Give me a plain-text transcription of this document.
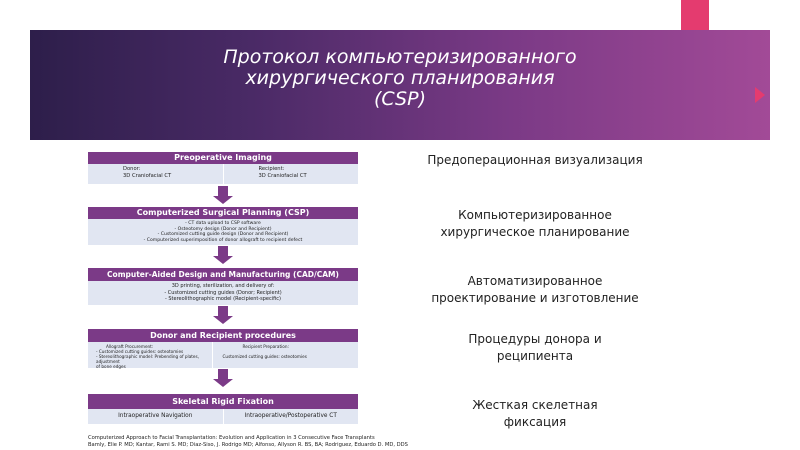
Протокол компьютеризированного
хирургического планирования
(CSP)
Preoperative Imaging
Donor:
3D Craniofacial CT
Recipient:
3D Craniofacial CT
Computerized Surgical Planning (CSP)
- CT data upload to CSP software
- Osteotomy design (Donor and Recipient)
- Customized cutting guide design (Donor and Recipient)
- Computerized superimposition of donor allograft to recipient defect
Computer-Aided Design and Manufacturing (CAD/CAM)
3D printing, sterilization, and delivery of:
- Customized cutting guides (Donor; Recipient)
- Stereolithographic model (Recipient-specific)
Donor and Recipient procedures
Allograft Procurement:
- Customized cutting guides: osteotomies
- Stereolithographic model: Prebending of plates, adjustment
of bone edges
Recipient Preparation:
Customized cutting guides: osteotomies
Skeletal Rigid Fixation
Intraoperative Navigation	Intraoperative/Postoperative CT
Предоперационная визуализация
Компьютеризированное
хирургическое планирование
Автоматизированное
проектирование и изготовление
Процедуры донора и
реципиента
Жесткая скелетная
фиксация
Computerized Approach to Facial Transplantation: Evolution and Application in 3 Consecutive Face Transplants
Bamly, Elie P. MD; Kantar, Rami S. MD; Diaz-Siso, J. Rodrigo MD; Alfonso, Allyson R. BS, BA; Rodriguez, Eduardo D. MD, DDS
